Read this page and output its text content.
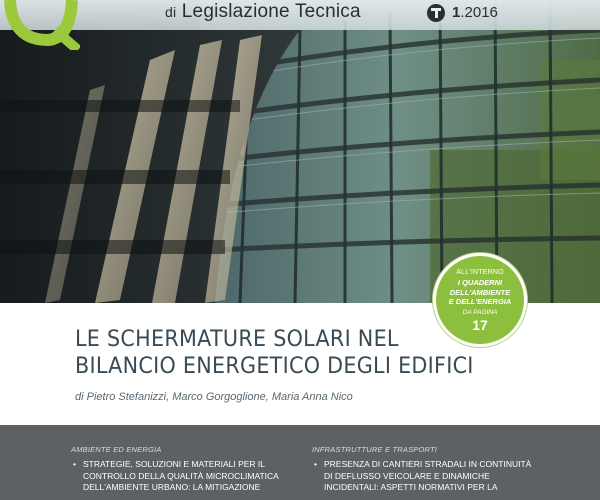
di Legislazione Tecnica	1.2016
ALL'INTERNO
I QUADERNI
DELL'AMBIENTE
E DELL'ENERGIA
DA PAGINA
17
LE SCHERMATURE SOLARI NEL
BILANCIO ENERGETICO DEGLI EDIFICI
di Pietro Stefanizzi, Marco Gorgoglione, Maria Anna Nico
AMBIENTE ED ENERGIA
• STRATEGIE, SOLUZIONI E MATERIALI PER IL
CONTROLLO DELLA QUALITÀ MICROCLIMATICA
DELL'AMBIENTE URBANO: LA MITIGAZIONE
INFRASTRUTTURE E TRASPORTI
• PRESENZA DI CANTIERI STRADALI IN CONTINUITÀ
DI DEFLUSSO VEICOLARE E DINAMICHE
INCIDENTALI: ASPETTI NORMATIVI PER LA
